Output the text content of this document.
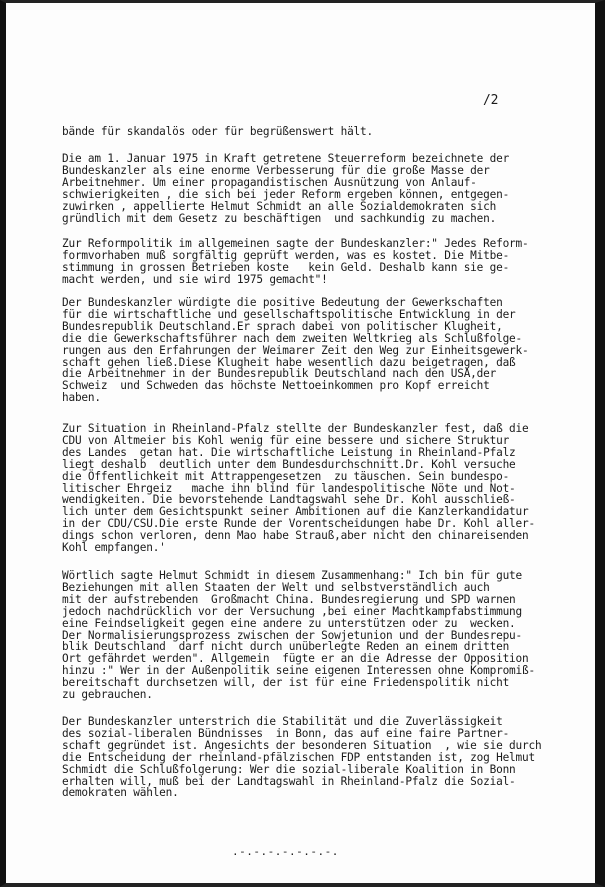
/2
bände für skandalös oder für begrüßenswert hält.
Die am 1. Januar 1975 in Kraft getretene Steuerreform bezeichnete der
Bundeskanzler als eine enorme Verbesserung für die große Masse der
Arbeitnehmer. Um einer propagandistischen Ausnützung von Anlauf-
schwierigkeiten , die sich bei jeder Reform ergeben können, entgegen-
zuwirken , appellierte Helmut Schmidt an alle Sozialdemokraten sich
gründlich mit dem Gesetz zu beschäftigen  und sachkundig zu machen.
Zur Reformpolitik im allgemeinen sagte der Bundeskanzler:" Jedes Reform-
formvorhaben muß sorgfältig geprüft werden, was es kostet. Die Mitbe-
stimmung in grossen Betrieben koste   kein Geld. Deshalb kann sie ge-
macht werden, und sie wird 1975 gemacht"!
Der Bundeskanzler würdigte die positive Bedeutung der Gewerkschaften
für die wirtschaftliche und gesellschaftspolitische Entwicklung in der
Bundesrepublik Deutschland.Er sprach dabei von politischer Klugheit,
die die Gewerkschaftsführer nach dem zweiten Weltkrieg als Schlußfolge-
rungen aus den Erfahrungen der Weimarer Zeit den Weg zur Einheitsgewerk-
schaft gehen ließ.Diese Klugheit habe wesentlich dazu beigetragen, daß
die Arbeitnehmer in der Bundesrepublik Deutschland nach den USA,der
Schweiz  und Schweden das höchste Nettoeinkommen pro Kopf erreicht
haben.
Zur Situation in Rheinland-Pfalz stellte der Bundeskanzler fest, daß die
CDU von Altmeier bis Kohl wenig für eine bessere und sichere Struktur
des Landes  getan hat. Die wirtschaftliche Leistung in Rheinland-Pfalz
liegt deshalb  deutlich unter dem Bundesdurchschnitt.Dr. Kohl versuche
die Öffentlichkeit mit Attrappengesetzen  zu täuschen. Sein bundespo-
litischer Ehrgeiz   mache ihn blind für landespolitische Nöte und Not-
wendigkeiten. Die bevorstehende Landtagswahl sehe Dr. Kohl ausschließ-
lich unter dem Gesichtspunkt seiner Ambitionen auf die Kanzlerkandidatur
in der CDU/CSU.Die erste Runde der Vorentscheidungen habe Dr. Kohl aller-
dings schon verloren, denn Mao habe Strauß,aber nicht den chinareisenden
Kohl empfangen.'
Wörtlich sagte Helmut Schmidt in diesem Zusammenhang:" Ich bin für gute
Beziehungen mit allen Staaten der Welt und selbstverständlich auch
mit der aufstrebenden  Großmacht China. Bundesregierung und SPD warnen
jedoch nachdrücklich vor der Versuchung ,bei einer Machtkampfabstimmung
eine Feindseligkeit gegen eine andere zu unterstützen oder zu  wecken.
Der Normalisierungsprozess zwischen der Sowjetunion und der Bundesrepu-
blik Deutschland  darf nicht durch unüberlegte Reden an einem dritten
Ort gefährdet werden". Allgemein  fügte er an die Adresse der Opposition
hinzu :" Wer in der Außenpolitik seine eigenen Interessen ohne Kompromiß-
bereitschaft durchsetzen will, der ist für eine Friedenspolitik nicht
zu gebrauchen.
Der Bundeskanzler unterstrich die Stabilität und die Zuverlässigkeit
des sozial-liberalen Bündnisses  in Bonn, das auf eine faire Partner-
schaft gegründet ist. Angesichts der besonderen Situation  , wie sie durch
die Entscheidung der rheinland-pfälzischen FDP entstanden ist, zog Helmut
Schmidt die Schlußfolgerung: Wer die sozial-liberale Koalition in Bonn
erhalten will, muß bei der Landtagswahl in Rheinland-Pfalz die Sozial-
demokraten wählen.
.-.-.-.-.-.-.-.
